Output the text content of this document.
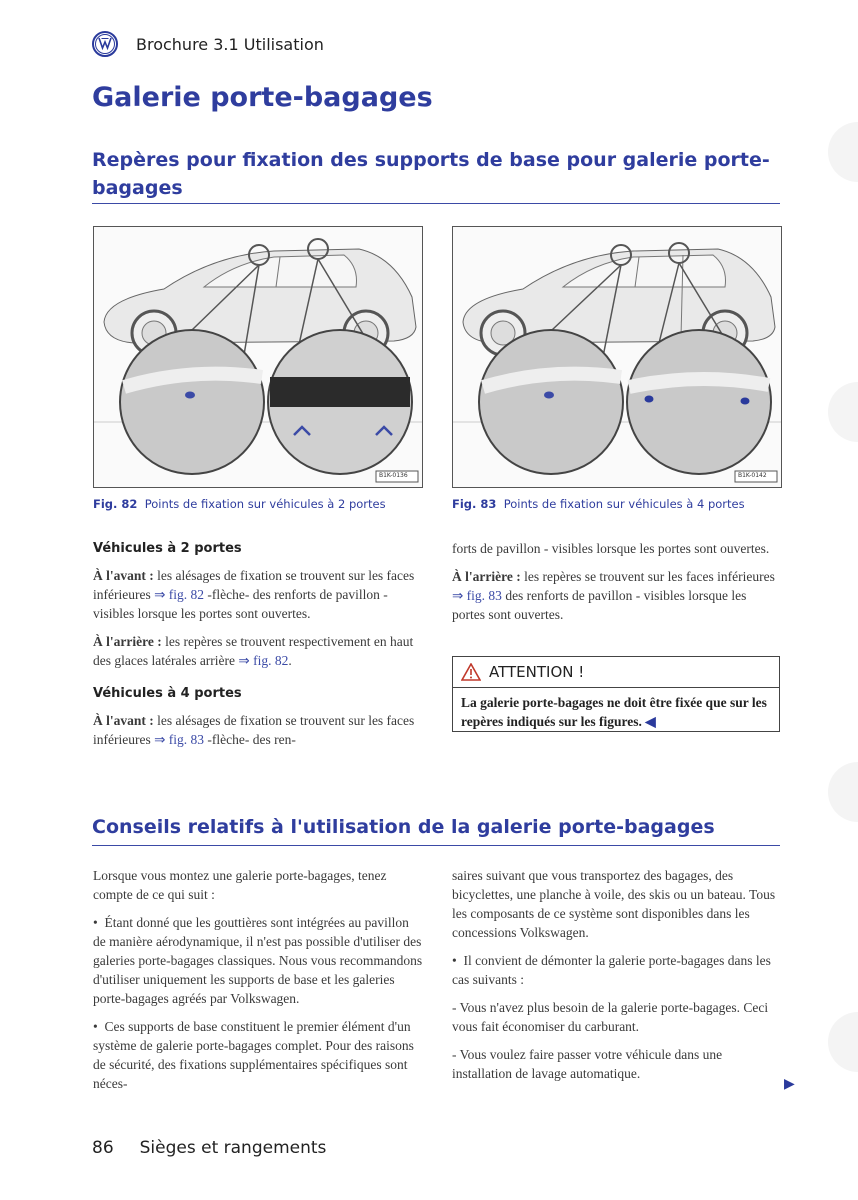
Brochure 3.1 Utilisation
Galerie porte-bagages
Repères pour fixation des supports de base pour galerie porte-bagages
B1K-0136
Fig. 82 Points de fixation sur véhicules à 2 portes
B1K-0142
Fig. 83 Points de fixation sur véhicules à 4 portes
Véhicules à 2 portes

À l'avant : les alésages de fixation se trouvent sur les faces inférieures ⇒ fig. 82 -flèche- des renforts de pavillon - visibles lorsque les portes sont ouvertes.

À l'arrière : les repères se trouvent respectivement en haut des glaces latérales arrière ⇒ fig. 82.

Véhicules à 4 portes

À l'avant : les alésages de fixation se trouvent sur les faces inférieures ⇒ fig. 83 -flèche- des ren-

forts de pavillon - visibles lorsque les portes sont ouvertes.

À l'arrière : les repères se trouvent sur les faces inférieures ⇒ fig. 83 des renforts de pavillon - visibles lorsque les portes sont ouvertes.

ATTENTION !
La galerie porte-bagages ne doit être fixée que sur les repères indiqués sur les figures. ◀
Conseils relatifs à l'utilisation de la galerie porte-bagages

Lorsque vous montez une galerie porte-bagages, tenez compte de ce qui suit :

• Étant donné que les gouttières sont intégrées au pavillon de manière aérodynamique, il n'est pas possible d'utiliser des galeries porte-bagages classiques. Nous vous recommandons d'utiliser uniquement les supports de base et les galeries porte-bagages agréés par Volkswagen.

• Ces supports de base constituent le premier élément d'un système de galerie porte-bagages complet. Pour des raisons de sécurité, des fixations supplémentaires spécifiques sont néces-

saires suivant que vous transportez des bagages, des bicyclettes, une planche à voile, des skis ou un bateau. Tous les composants de ce système sont disponibles dans les concessions Volkswagen.

• Il convient de démonter la galerie porte-bagages dans les cas suivants :

- Vous n'avez plus besoin de la galerie porte-bagages. Ceci vous fait économiser du carburant.

- Vous voulez faire passer votre véhicule dans une installation de lavage automatique.

▶
86 Sièges et rangements
